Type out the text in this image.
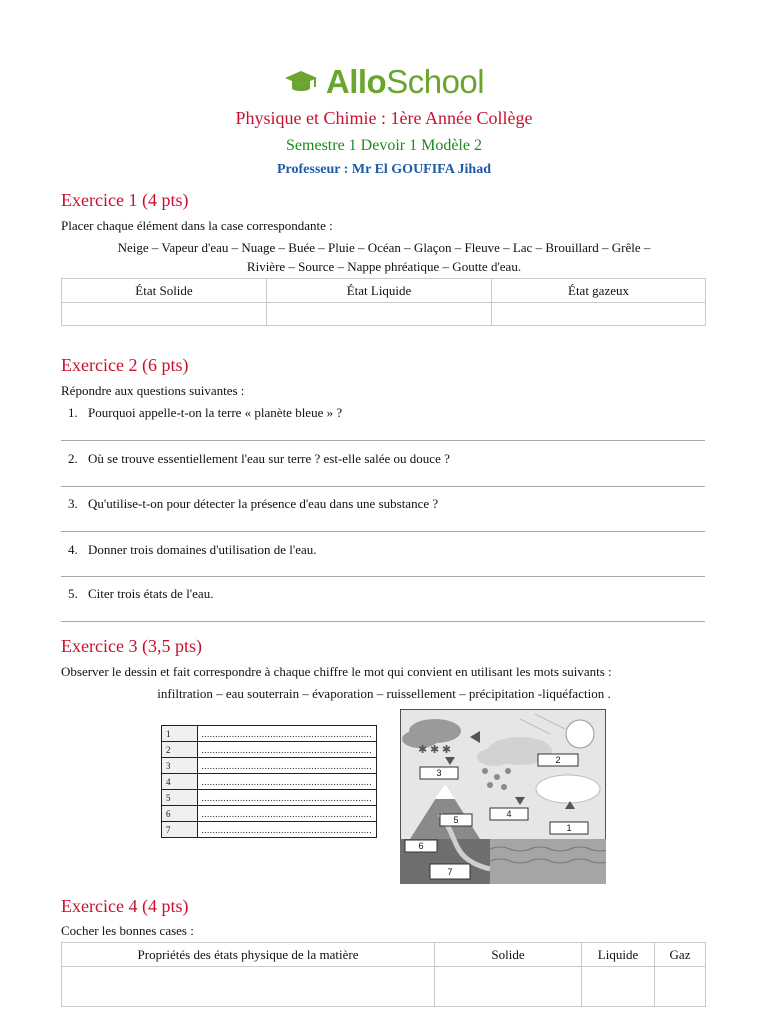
AlloSchool
Physique et Chimie : 1ère Année Collège
Semestre 1 Devoir 1 Modèle 2
Professeur : Mr El GOUFIFA Jihad
Exercice 1 (4 pts)
Placer chaque élément dans la case correspondante :
Neige – Vapeur d'eau – Nuage – Buée – Pluie – Océan – Glaçon – Fleuve – Lac – Brouillard – Grêle –
Rivière – Source – Nappe phréatique – Goutte d'eau.
État Solide	État Liquide	État gazeux

Exercice 2 (6 pts)
Répondre aux questions suivantes :
1. Pourquoi appelle-t-on la terre « planète bleue » ?
2. Où se trouve essentiellement l'eau sur terre ? est-elle salée ou douce ?
3. Qu'utilise-t-on pour détecter la présence d'eau dans une substance ?
4. Donner trois domaines d'utilisation de l'eau.
5. Citer trois états de l'eau.
Exercice 3 (3,5 pts)
Observer le dessin et fait correspondre à chaque chiffre le mot qui convient en utilisant les mots suivants :
infiltration – eau souterrain – évaporation – ruissellement – précipitation -liquéfaction .
1	..............................................................
2	..............................................................
3	..............................................................
4	..............................................................
5	..............................................................
6	..............................................................
7	..............................................................
✱ ✱ ✱
3
2
4
5
1
6
7
Exercice 4 (4 pts)
Cocher les bonnes cases :
Propriétés des états physique de la matière	Solide	Liquide	Gaz
